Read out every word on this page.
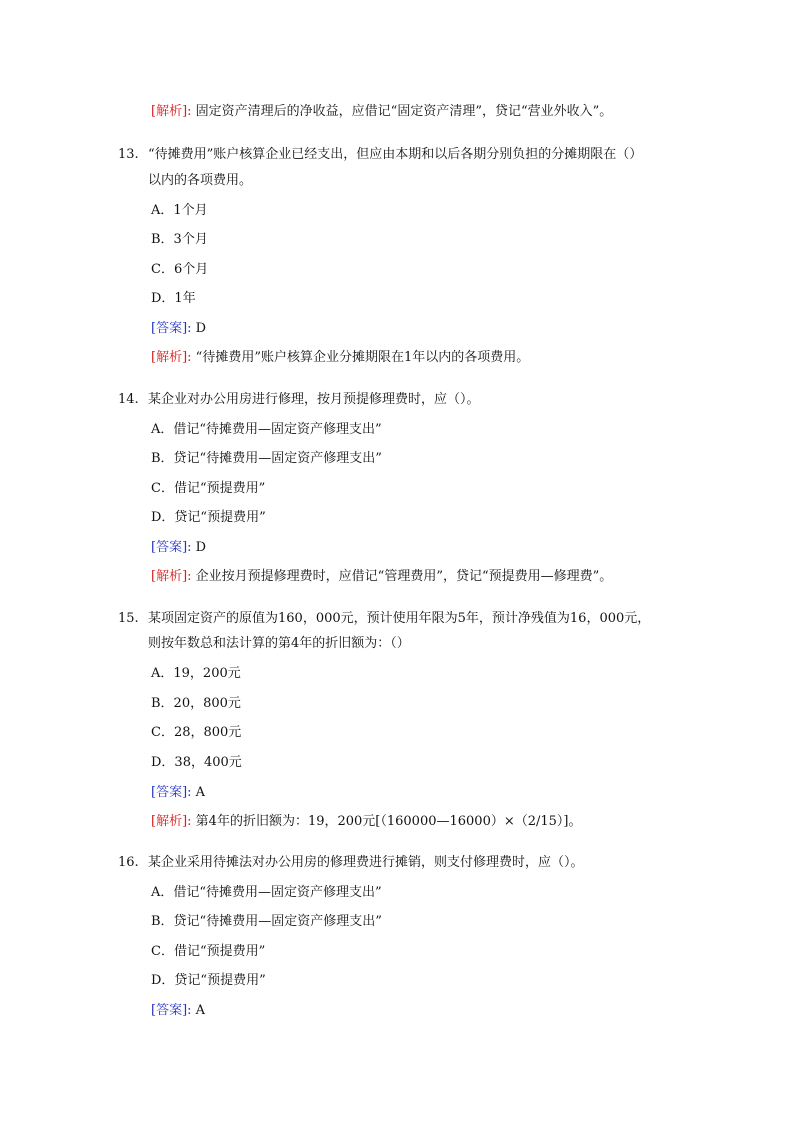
[解析]: 固定资产清理后的净收益，应借记“固定资产清理”，贷记“营业外收入”。
13. “待摊费用”账户核算企业已经支出，但应由本期和以后各期分别负担的分摊期限在（）
以内的各项费用。
A．1个月
B．3个月
C．6个月
D．1年
[答案]: D
[解析]: “待摊费用”账户核算企业分摊期限在1年以内的各项费用。
14. 某企业对办公用房进行修理，按月预提修理费时，应（）。
A．借记“待摊费用—固定资产修理支出”
B．贷记“待摊费用—固定资产修理支出”
C．借记“预提费用”
D．贷记“预提费用”
[答案]: D
[解析]: 企业按月预提修理费时，应借记“管理费用”，贷记“预提费用—修理费”。
15. 某项固定资产的原值为160，000元，预计使用年限为5年，预计净残值为16，000元，
则按年数总和法计算的第4年的折旧额为：（）
A．19，200元
B．20，800元
C．28，800元
D．38，400元
[答案]: A
[解析]: 第4年的折旧额为：19，200元[（160000—16000）×（2/15）]。
16. 某企业采用待摊法对办公用房的修理费进行摊销，则支付修理费时，应（）。
A．借记“待摊费用—固定资产修理支出”
B．贷记“待摊费用—固定资产修理支出”
C．借记“预提费用”
D．贷记“预提费用”
[答案]: A
